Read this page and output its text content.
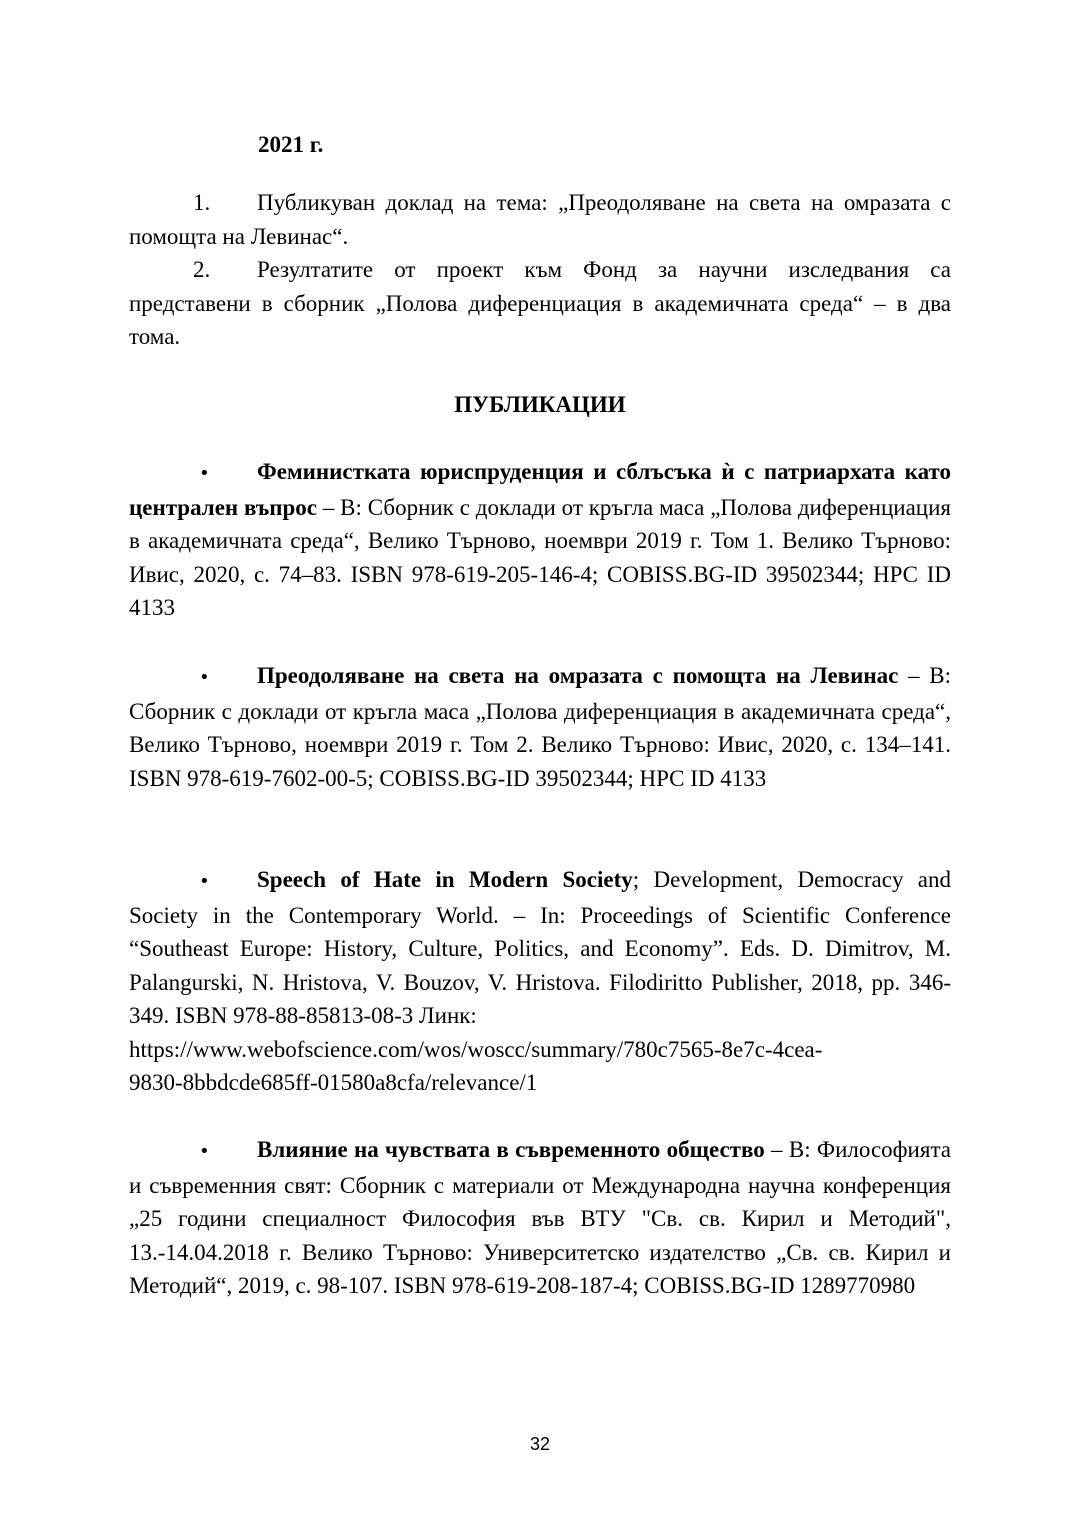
2021 г.

1. Публикуван доклад на тема: „Преодоляване на света на омразата с помощта на Левинас“.

2. Резултатите от проект към Фонд за научни изследвания са представени в сборник „Полова диференциация в академичната среда“ – в два тома.

ПУБЛИКАЦИИ

• Феминисткатa юриспруденция и сблъсъка ѝ с патриархата като централен въпрос – В: Сборник с доклади от кръгла маса „Полова диференциация в академичната среда“, Велико Търново, ноември 2019 г. Том 1. Велико Търново: Ивис, 2020, с. 74–83. ISBN 978-619-205-146-4; COBISS.BG-ID 39502344; НРС ID 4133

• Преодоляване на света на омразата с помощта на Левинас – В: Сборник с доклади от кръгла маса „Полова диференциация в академичната среда“, Велико Търново, ноември 2019 г. Том 2. Велико Търново: Ивис, 2020, с. 134–141. ISBN 978-619-7602-00-5; COBISS.BG-ID 39502344; НРС ID 4133

• Speech of Hate in Modern Society; Development, Democracy and Society in the Contemporary World. – In: Proceedings of Scientific Conference “Southeast Europe: History, Culture, Politics, and Economy”. Eds. D. Dimitrov, M. Palangurski, N. Hristova, V. Bouzov, V. Hristova. Filodiritto Publisher, 2018, pp. 346-349. ISBN 978-88-85813-08-3 Линк:
https://www.webofscience.com/wos/woscc/summary/780c7565-8e7c-4cea-
9830-8bbdcde685ff-01580a8cfa/relevance/1

• Влияние на чувствата в съвременното общество – В: Философията и съвременния свят: Сборник с материали от Международна научна конференция „25 години специалност Философия във ВТУ "Св. св. Кирил и Методий", 13.-14.04.2018 г. Велико Търново: Университетско издателство „Св. св. Кирил и Методий“, 2019, с. 98-107. ISBN 978-619-208-187-4; COBISS.BG-ID 1289770980

32
